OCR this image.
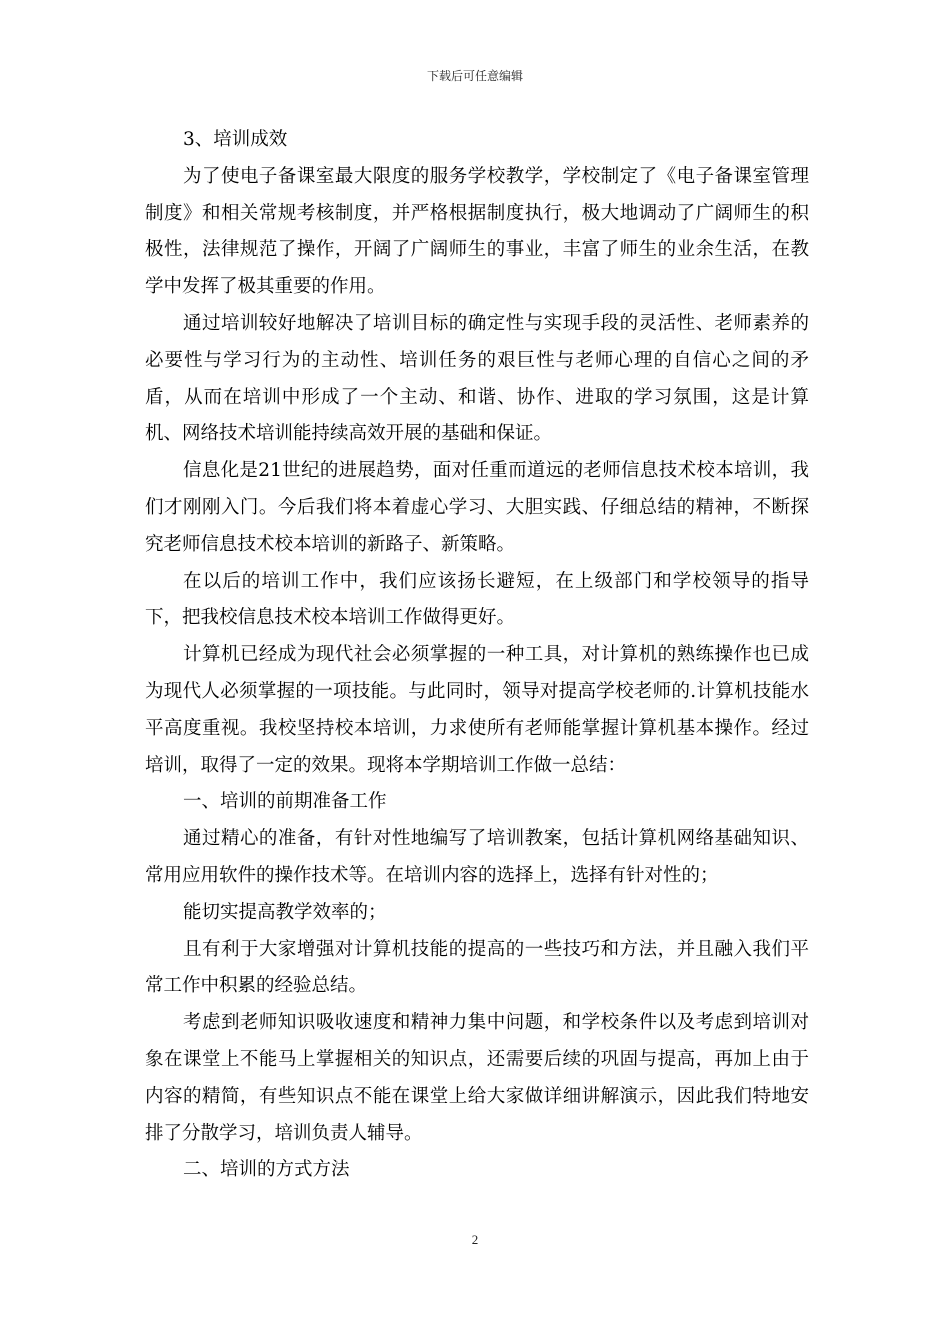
下载后可任意编辑

3、培训成效

为了使电子备课室最大限度的服务学校教学，学校制定了《电子备课室管理制度》和相关常规考核制度，并严格根据制度执行，极大地调动了广阔师生的积极性，法律规范了操作，开阔了广阔师生的事业，丰富了师生的业余生活，在教学中发挥了极其重要的作用。

通过培训较好地解决了培训目标的确定性与实现手段的灵活性、老师素养的必要性与学习行为的主动性、培训任务的艰巨性与老师心理的自信心之间的矛盾，从而在培训中形成了一个主动、和谐、协作、进取的学习氛围，这是计算机、网络技术培训能持续高效开展的基础和保证。

信息化是21世纪的进展趋势，面对任重而道远的老师信息技术校本培训，我们才刚刚入门。今后我们将本着虚心学习、大胆实践、仔细总结的精神，不断探究老师信息技术校本培训的新路子、新策略。

在以后的培训工作中，我们应该扬长避短，在上级部门和学校领导的指导下，把我校信息技术校本培训工作做得更好。

计算机已经成为现代社会必须掌握的一种工具，对计算机的熟练操作也已成为现代人必须掌握的一项技能。与此同时，领导对提高学校老师的.计算机技能水平高度重视。我校坚持校本培训，力求使所有老师能掌握计算机基本操作。经过培训，取得了一定的效果。现将本学期培训工作做一总结：

一、培训的前期准备工作

通过精心的准备，有针对性地编写了培训教案，包括计算机网络基础知识、常用应用软件的操作技术等。在培训内容的选择上，选择有针对性的；

能切实提高教学效率的；

且有利于大家增强对计算机技能的提高的一些技巧和方法，并且融入我们平常工作中积累的经验总结。

考虑到老师知识吸收速度和精神力集中问题，和学校条件以及考虑到培训对象在课堂上不能马上掌握相关的知识点，还需要后续的巩固与提高，再加上由于内容的精简，有些知识点不能在课堂上给大家做详细讲解演示，因此我们特地安排了分散学习，培训负责人辅导。

二、培训的方式方法

2
